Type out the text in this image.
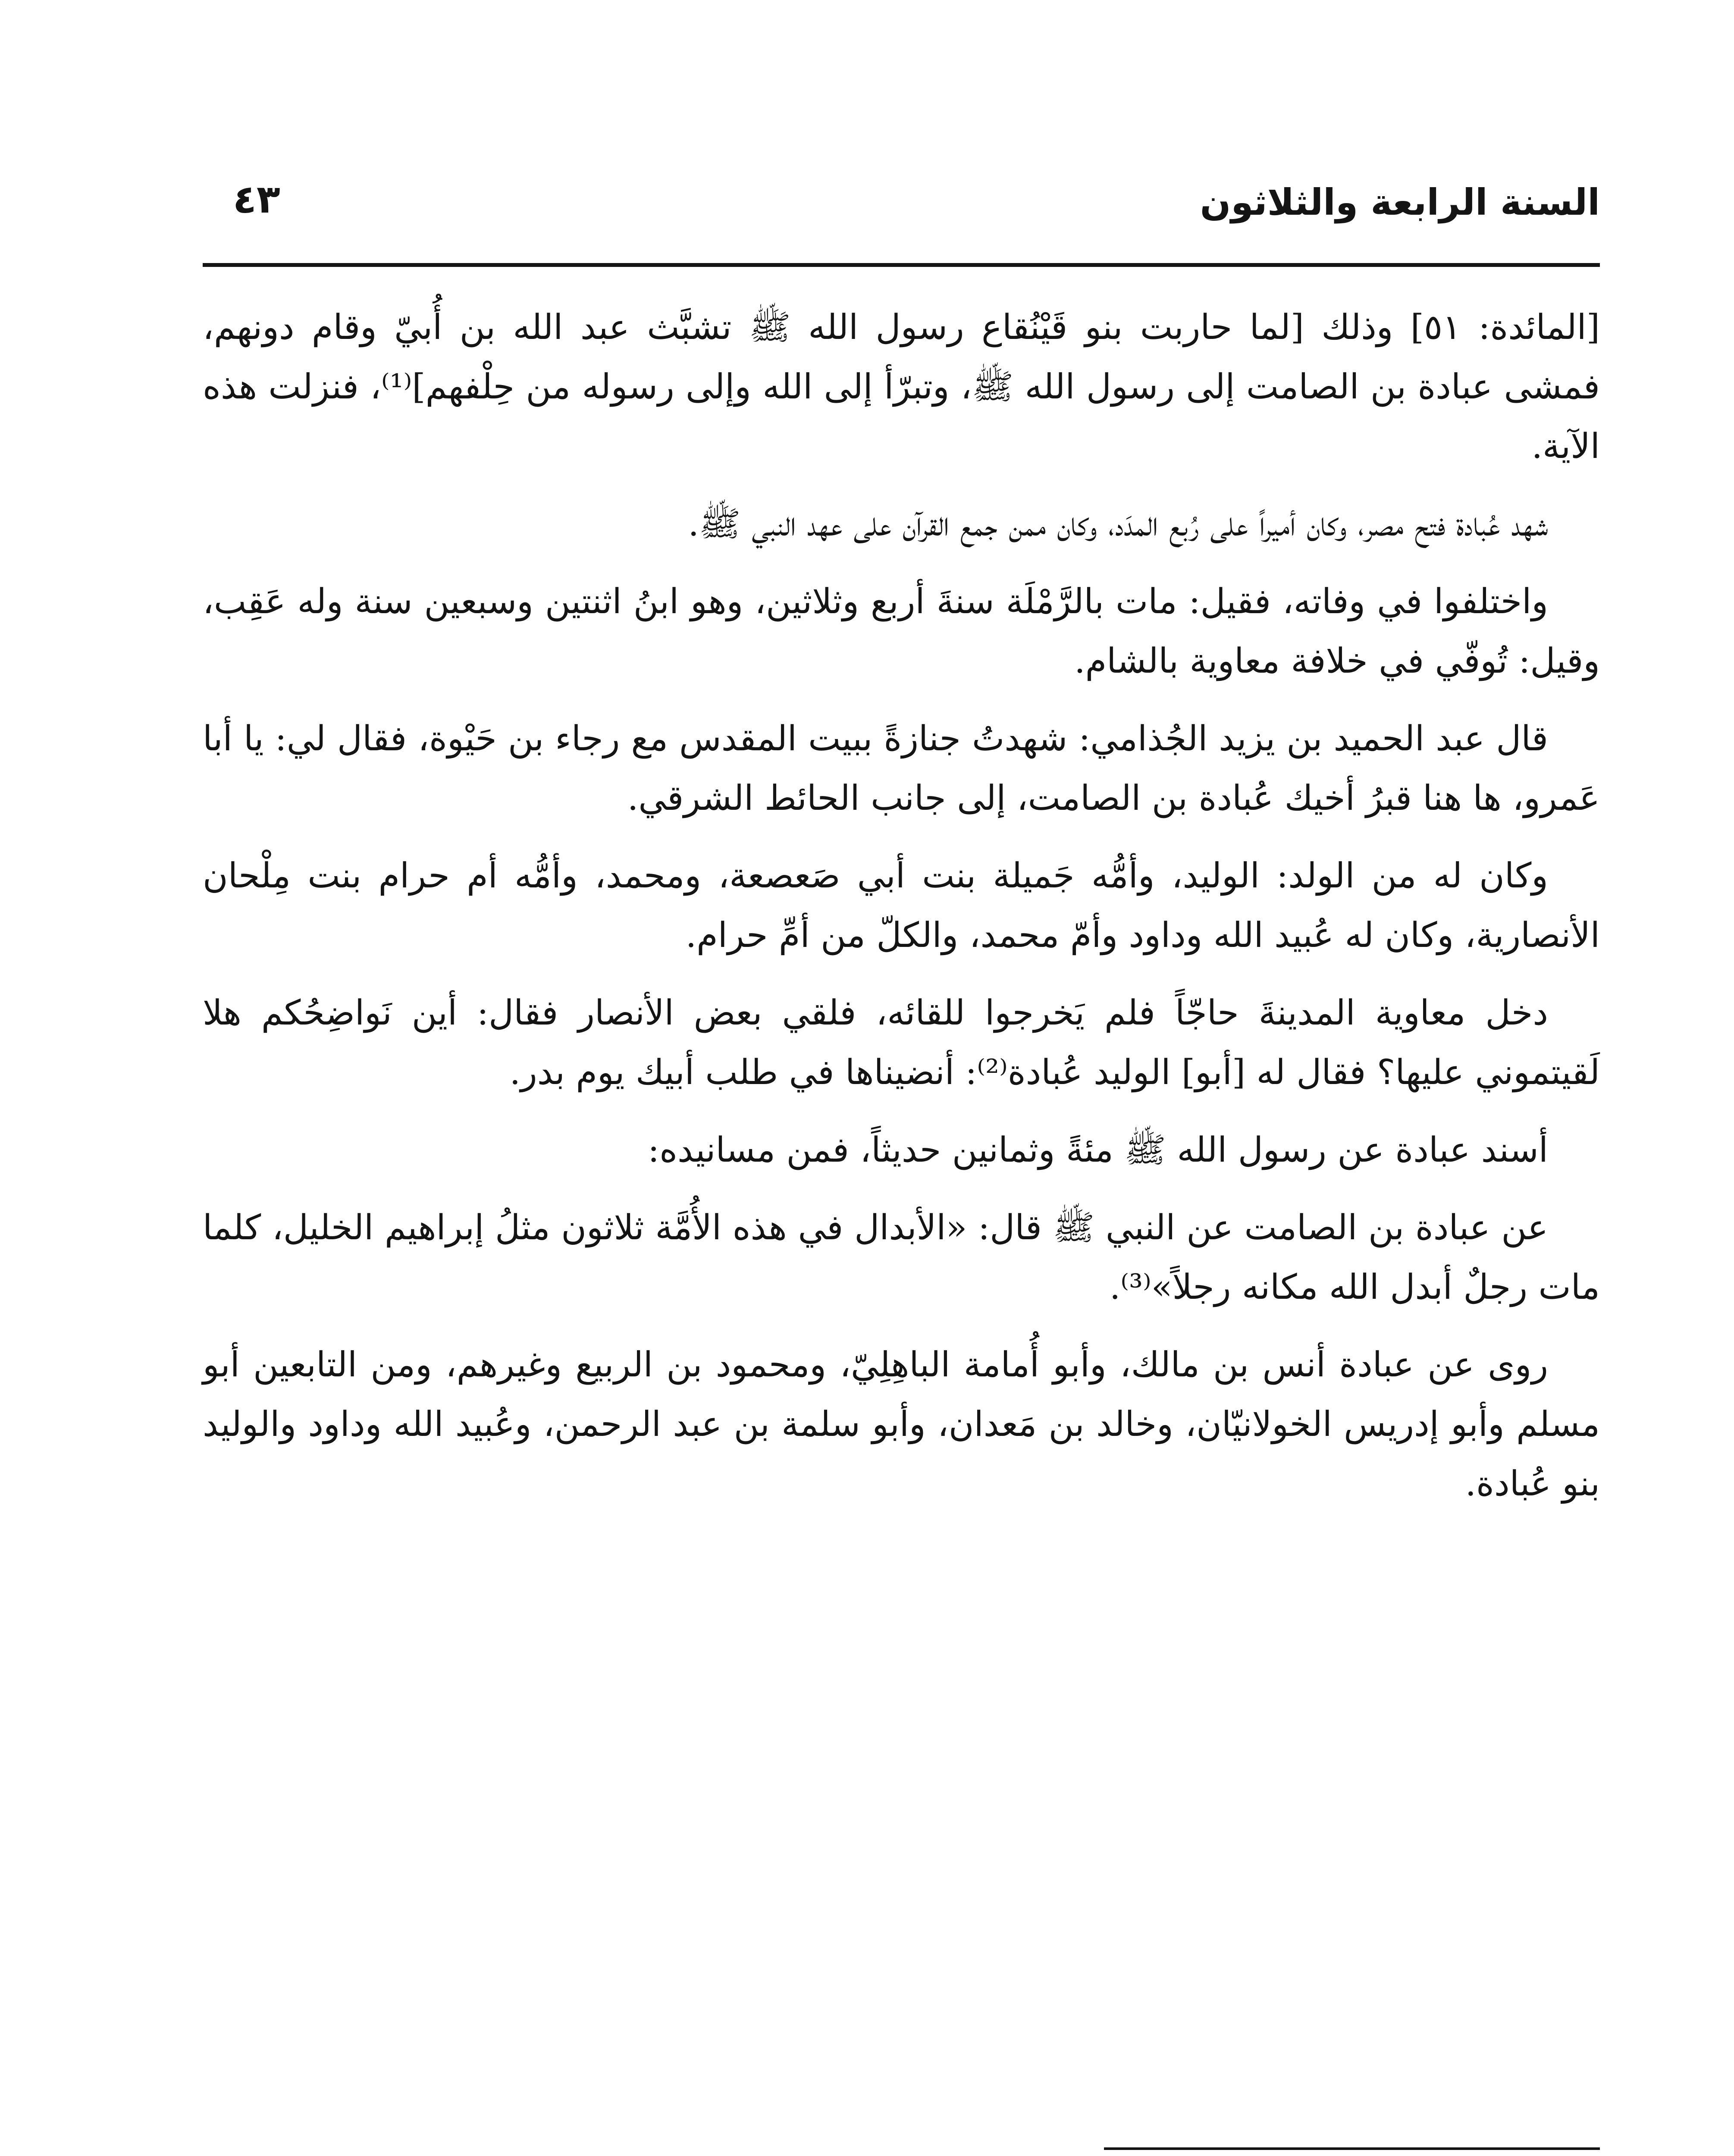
السنة الرابعة والثلاثون
٤٣

[المائدة: ٥١] وذلك [لما حاربت بنو قَيْنُقاع رسول الله ﷺ تشبَّث عبد الله بن أُبيّ وقام دونهم، فمشى عبادة بن الصامت إلى رسول الله ﷺ، وتبرّأ إلى الله وإلى رسوله من حِلْفهم]⁽¹⁾، فنزلت هذه الآية.

شهد عُبادة فتح مصر، وكان أميراً على رُبع المدَد، وكان ممن جمع القرآن على عهد النبي ﷺ.

واختلفوا في وفاته، فقيل: مات بالرَّمْلَة سنةَ أربع وثلاثين، وهو ابنُ اثنتين وسبعين سنة وله عَقِب، وقيل: تُوفّي في خلافة معاوية بالشام.

قال عبد الحميد بن يزيد الجُذامي: شهدتُ جنازةً ببيت المقدس مع رجاء بن حَيْوة، فقال لي: يا أبا عَمرو، ها هنا قبرُ أخيك عُبادة بن الصامت، إلى جانب الحائط الشرقي.

وكان له من الولد: الوليد، وأمُّه جَميلة بنت أبي صَعصعة، ومحمد، وأمُّه أم حرام بنت مِلْحان الأنصارية، وكان له عُبيد الله وداود وأمّ محمد، والكلّ من أمِّ حرام.

دخل معاوية المدينةَ حاجّاً فلم يَخرجوا للقائه، فلقي بعض الأنصار فقال: أين نَواضِحُكم هلا لَقيتموني عليها؟ فقال له [أبو] الوليد عُبادة⁽²⁾: أنضيناها في طلب أبيك يوم بدر.

أسند عبادة عن رسول الله ﷺ مئةً وثمانين حديثاً، فمن مسانيده:

عن عبادة بن الصامت عن النبي ﷺ قال: «الأبدال في هذه الأُمَّة ثلاثون مثلُ إبراهيم الخليل، كلما مات رجلٌ أبدل الله مكانه رجلاً»⁽³⁾.

روى عن عبادة أنس بن مالك، وأبو أُمامة الباهِلِيّ، ومحمود بن الربيع وغيرهم، ومن التابعين أبو مسلم وأبو إدريس الخولانيّان، وخالد بن مَعدان، وأبو سلمة بن عبد الرحمن، وعُبيد الله وداود والوليد بنو عُبادة.
